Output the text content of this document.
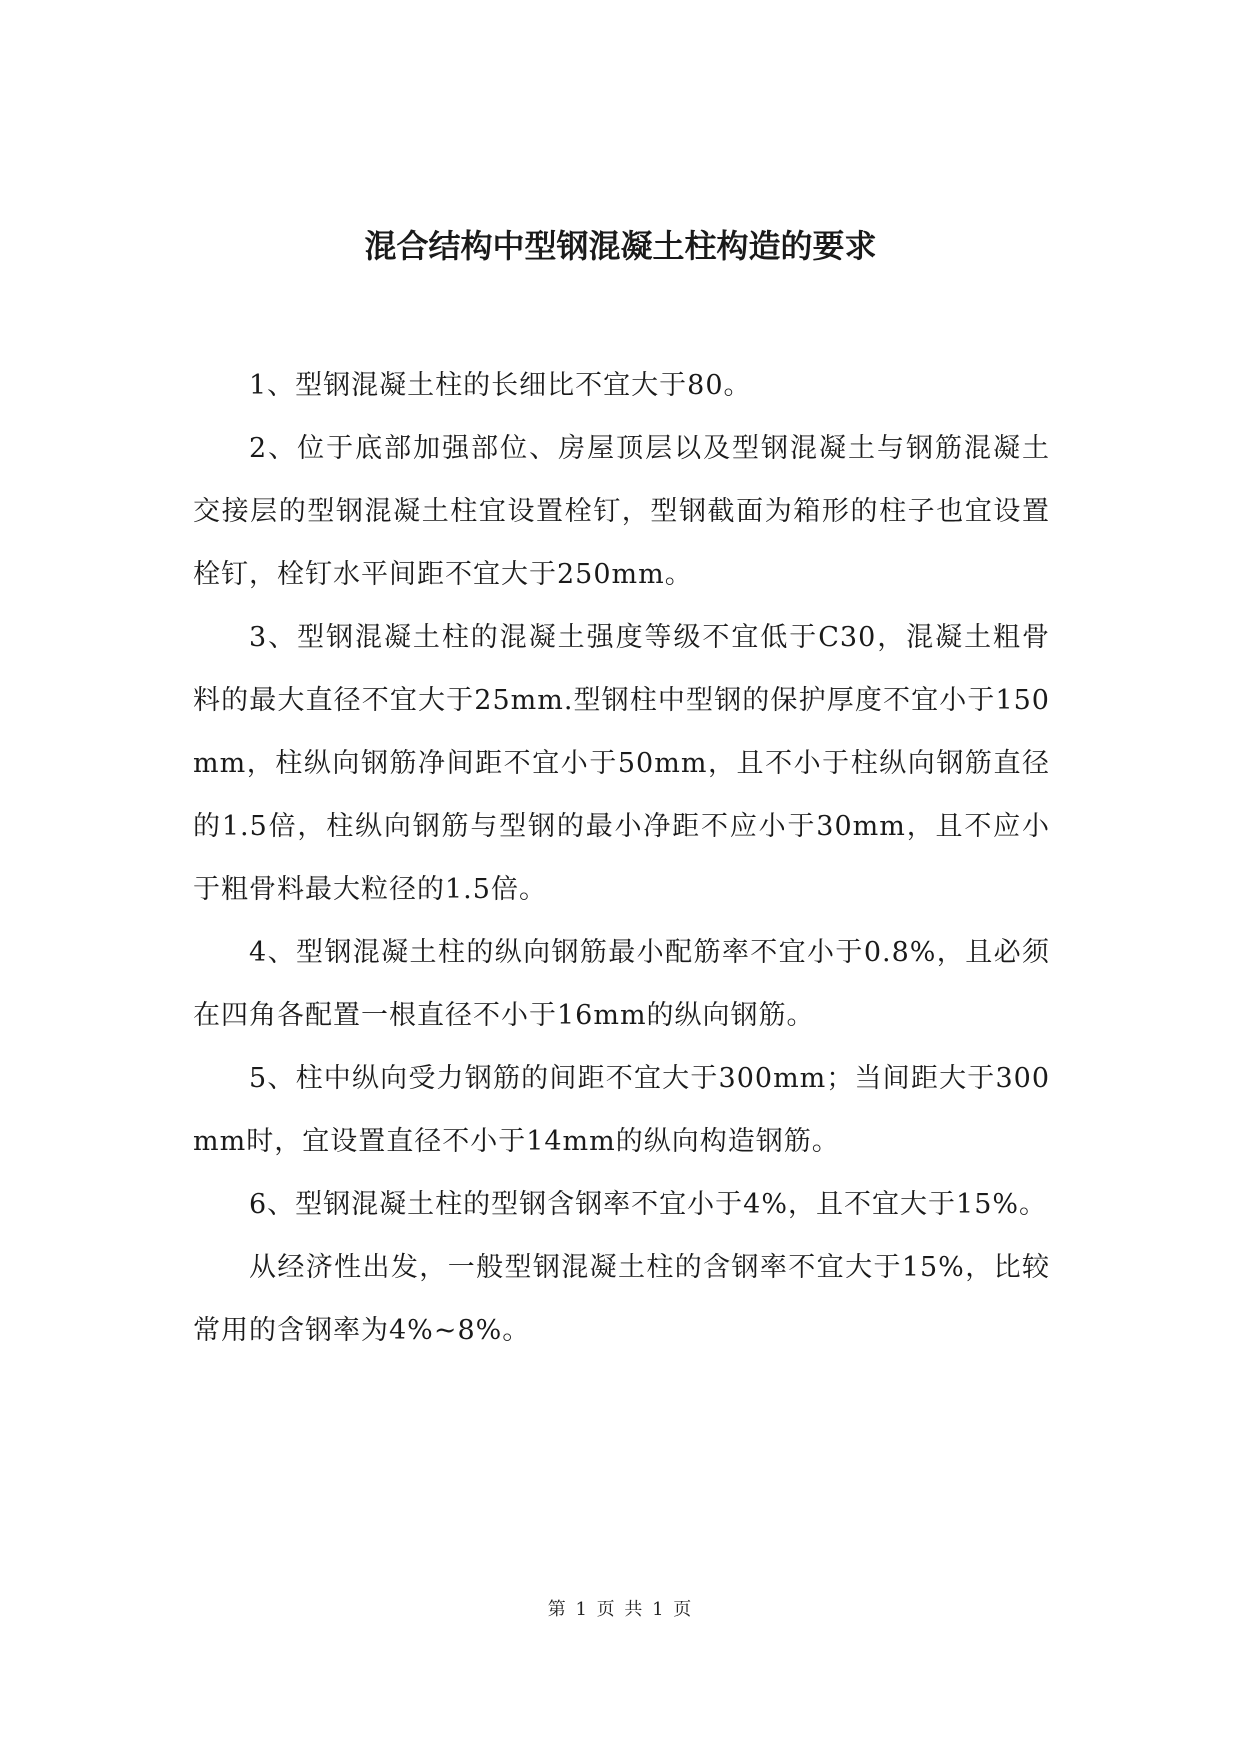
混合结构中型钢混凝土柱构造的要求

1、型钢混凝土柱的长细比不宜大于80。

2、位于底部加强部位、房屋顶层以及型钢混凝土与钢筋混凝土交接层的型钢混凝土柱宜设置栓钉，型钢截面为箱形的柱子也宜设置栓钉，栓钉水平间距不宜大于250mm。

3、型钢混凝土柱的混凝土强度等级不宜低于C30，混凝土粗骨料的最大直径不宜大于25mm.型钢柱中型钢的保护厚度不宜小于150mm，柱纵向钢筋净间距不宜小于50mm，且不小于柱纵向钢筋直径的1.5倍，柱纵向钢筋与型钢的最小净距不应小于30mm，且不应小于粗骨料最大粒径的1.5倍。

4、型钢混凝土柱的纵向钢筋最小配筋率不宜小于0.8%，且必须在四角各配置一根直径不小于16mm的纵向钢筋。

5、柱中纵向受力钢筋的间距不宜大于300mm；当间距大于300mm时，宜设置直径不小于14mm的纵向构造钢筋。

6、型钢混凝土柱的型钢含钢率不宜小于4%，且不宜大于15%。

从经济性出发，一般型钢混凝土柱的含钢率不宜大于15%，比较常用的含钢率为4%~8%。

第 1 页 共 1 页
